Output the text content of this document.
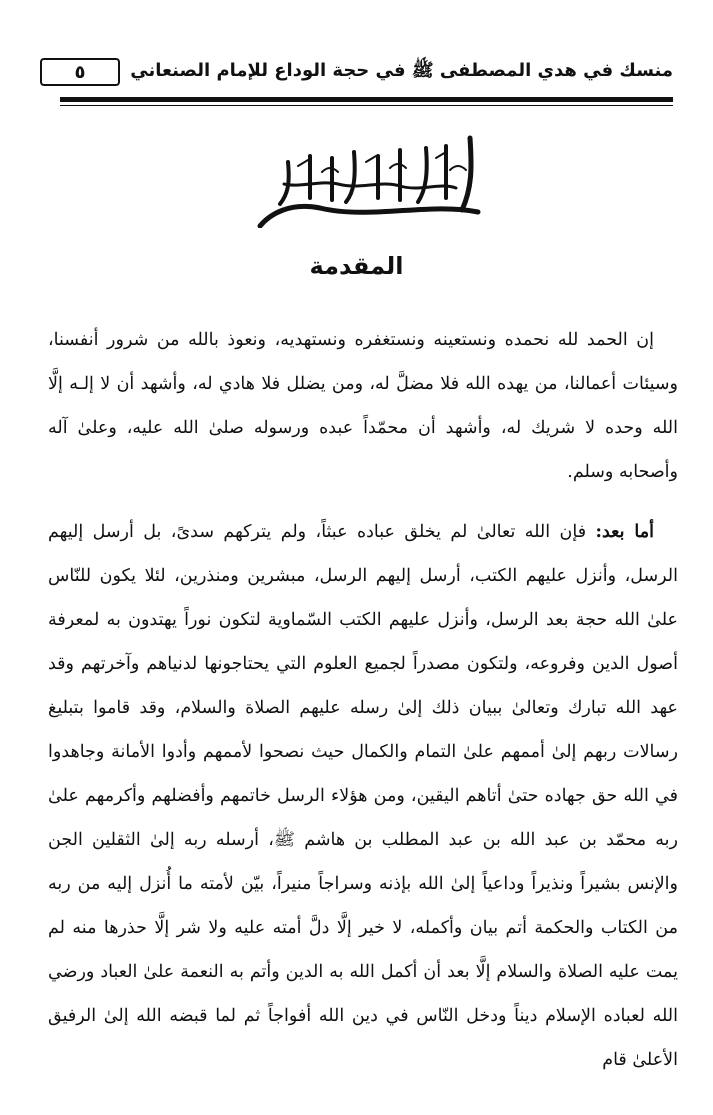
منسك في هدي المصطفى ﷺ في حجة الوداع للإمام الصنعاني
٥
المقدمة

إن الحمد لله نحمده ونستعينه ونستغفره ونستهديه، ونعوذ بالله من شرور أنفسنا، وسيئات أعمالنا، من يهده الله فلا مضلَّ له، ومن يضلل فلا هادي له، وأشهد أن لا إلـه إلَّا الله وحده لا شريك له، وأشهد أن محمّداً عبده ورسوله صلىٰ الله عليه، وعلىٰ آله وأصحابه وسلم.

أما بعد: فإن الله تعالىٰ لم يخلق عباده عبثاً، ولم يتركهم سدىً، بل أرسل إليهم الرسل، وأنزل عليهم الكتب، أرسل إليهم الرسل، مبشرين ومنذرين، لئلا يكون للنّاس علىٰ الله حجة بعد الرسل، وأنزل عليهم الكتب السّماوية لتكون نوراً يهتدون به لمعرفة أصول الدين وفروعه، ولتكون مصدراً لجميع العلوم التي يحتاجونها لدنياهم وآخرتهم وقد عهد الله تبارك وتعالىٰ ببيان ذلك إلىٰ رسله عليهم الصلاة والسلام، وقد قاموا بتبليغ رسالات ربهم إلىٰ أممهم علىٰ التمام والكمال حيث نصحوا لأممهم وأدوا الأمانة وجاهدوا في الله حق جهاده حتىٰ أتاهم اليقين، ومن هؤلاء الرسل خاتمهم وأفضلهم وأكرمهم علىٰ ربه محمّد بن عبد الله بن عبد المطلب بن هاشم ﷺ، أرسله ربه إلىٰ الثقلين الجن والإنس بشيراً ونذيراً وداعياً إلىٰ الله بإذنه وسراجاً منيراً، بيّن لأمته ما أُنزل إليه من ربه من الكتاب والحكمة أتم بيان وأكمله، لا خير إلَّا دلَّ أمته عليه ولا شر إلَّا حذرها منه لم يمت عليه الصلاة والسلام إلَّا بعد أن أكمل الله به الدين وأتم به النعمة علىٰ العباد ورضي الله لعباده الإسلام ديناً ودخل النّاس في دين الله أفواجاً ثم لما قبضه الله إلىٰ الرفيق الأعلىٰ قام
